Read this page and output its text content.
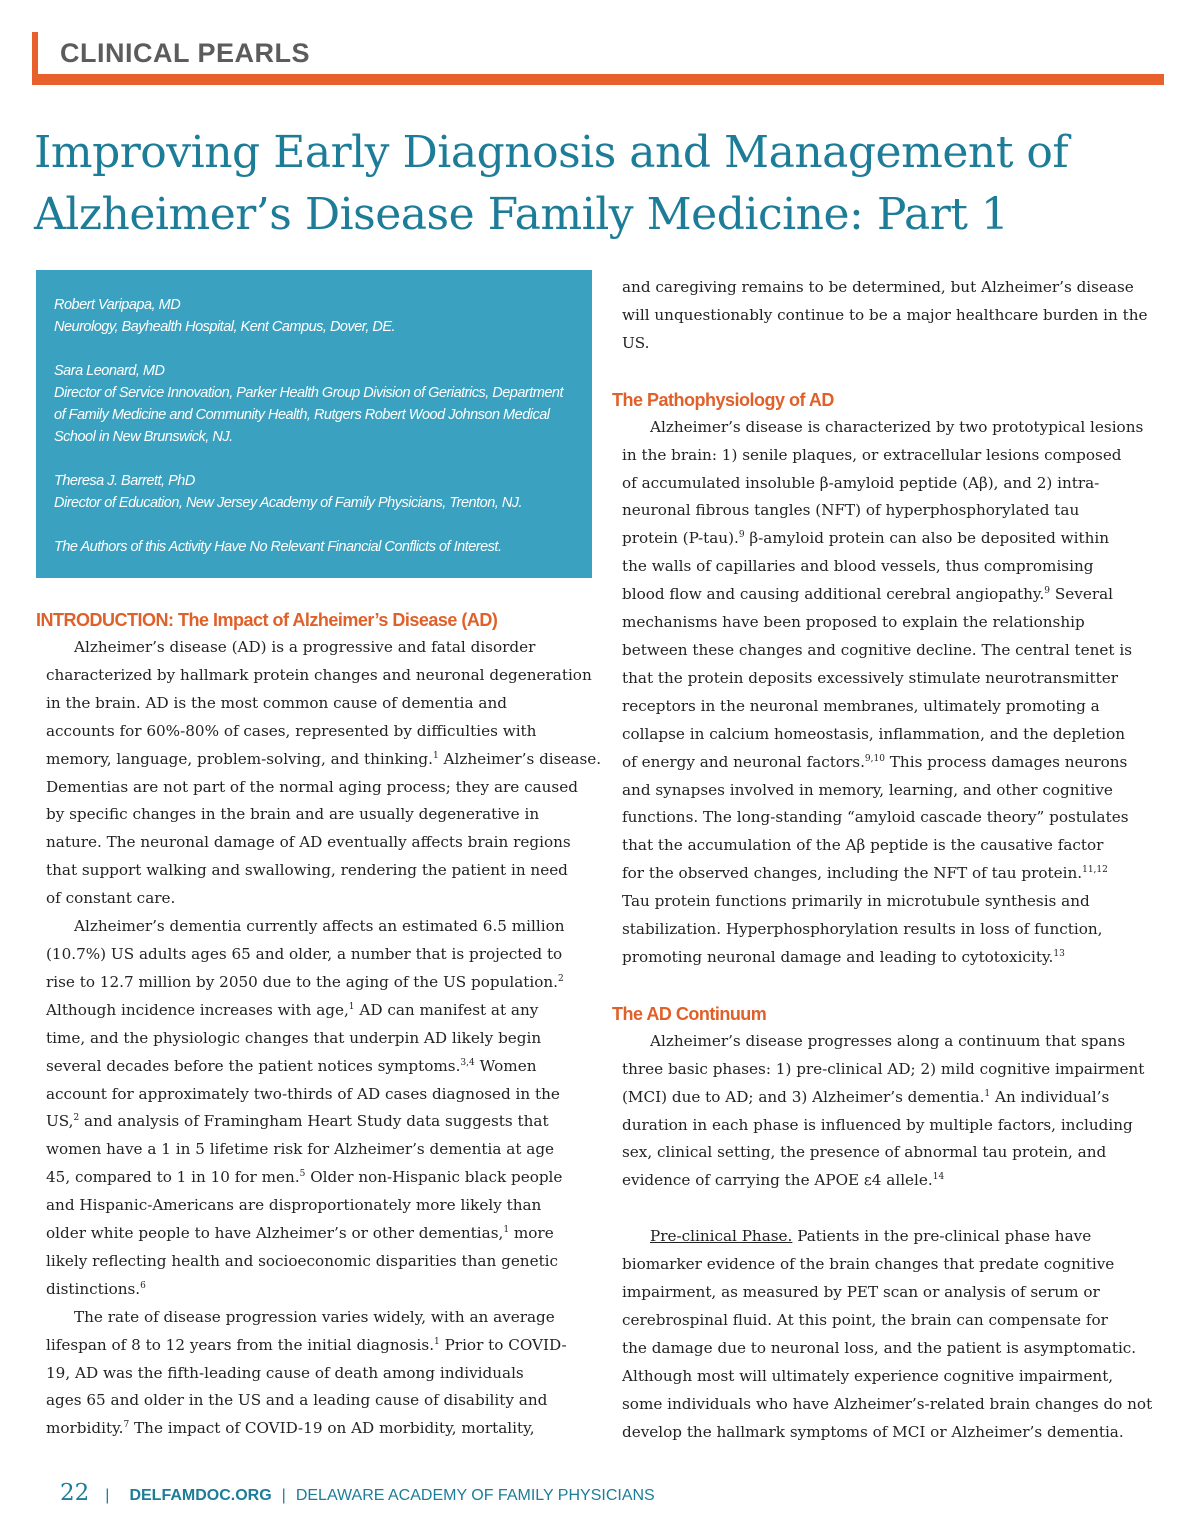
CLINICAL PEARLS
Improving Early Diagnosis and Management of
Alzheimer’s Disease Family Medicine: Part 1

Robert Varipapa, MD
Neurology, Bayhealth Hospital, Kent Campus, Dover, DE.

Sara Leonard, MD
Director of Service Innovation, Parker Health Group Division of Geriatrics, Department
of Family Medicine and Community Health, Rutgers Robert Wood Johnson Medical
School in New Brunswick, NJ.

Theresa J. Barrett, PhD
Director of Education, New Jersey Academy of Family Physicians, Trenton, NJ.

The Authors of this Activity Have No Relevant Financial Conflicts of Interest.

INTRODUCTION: The Impact of Alzheimer’s Disease (AD)
Alzheimer’s disease (AD) is a progressive and fatal disorder
characterized by hallmark protein changes and neuronal degeneration
in the brain. AD is the most common cause of dementia and
accounts for 60%-80% of cases, represented by difficulties with
memory, language, problem-solving, and thinking.$^1$ Alzheimer’s disease.
Dementias are not part of the normal aging process; they are caused
by specific changes in the brain and are usually degenerative in
nature. The neuronal damage of AD eventually affects brain regions
that support walking and swallowing, rendering the patient in need
of constant care.
Alzheimer’s dementia currently affects an estimated 6.5 million
(10.7%) US adults ages 65 and older, a number that is projected to
rise to 12.7 million by 2050 due to the aging of the US population.$^2$
Although incidence increases with age,$^1$ AD can manifest at any
time, and the physiologic changes that underpin AD likely begin
several decades before the patient notices symptoms.$^{3,4}$ Women
account for approximately two-thirds of AD cases diagnosed in the
US,$^2$ and analysis of Framingham Heart Study data suggests that
women have a 1 in 5 lifetime risk for Alzheimer’s dementia at age
45, compared to 1 in 10 for men.$^5$ Older non-Hispanic black people
and Hispanic-Americans are disproportionately more likely than
older white people to have Alzheimer’s or other dementias,$^1$ more
likely reflecting health and socioeconomic disparities than genetic
distinctions.$^6$
The rate of disease progression varies widely, with an average
lifespan of 8 to 12 years from the initial diagnosis.$^1$ Prior to COVID-
19, AD was the fifth-leading cause of death among individuals
ages 65 and older in the US and a leading cause of disability and
morbidity.$^7$ The impact of COVID-19 on AD morbidity, mortality,
and caregiving remains to be determined, but Alzheimer’s disease
will unquestionably continue to be a major healthcare burden in the
US.
The Pathophysiology of AD
Alzheimer’s disease is characterized by two prototypical lesions
in the brain: 1) senile plaques, or extracellular lesions composed
of accumulated insoluble β-amyloid peptide (Aβ), and 2) intra-
neuronal fibrous tangles (NFT) of hyperphosphorylated tau
protein (P-tau).$^9$ β-amyloid protein can also be deposited within
the walls of capillaries and blood vessels, thus compromising
blood flow and causing additional cerebral angiopathy.$^9$ Several
mechanisms have been proposed to explain the relationship
between these changes and cognitive decline. The central tenet is
that the protein deposits excessively stimulate neurotransmitter
receptors in the neuronal membranes, ultimately promoting a
collapse in calcium homeostasis, inflammation, and the depletion
of energy and neuronal factors.$^{9,10}$ This process damages neurons
and synapses involved in memory, learning, and other cognitive
functions. The long-standing “amyloid cascade theory” postulates
that the accumulation of the Aβ peptide is the causative factor
for the observed changes, including the NFT of tau protein.$^{11,12}$
Tau protein functions primarily in microtubule synthesis and
stabilization. Hyperphosphorylation results in loss of function,
promoting neuronal damage and leading to cytotoxicity.$^{13}$
The AD Continuum
Alzheimer’s disease progresses along a continuum that spans
three basic phases: 1) pre-clinical AD; 2) mild cognitive impairment
(MCI) due to AD; and 3) Alzheimer’s dementia.$^1$ An individual’s
duration in each phase is influenced by multiple factors, including
sex, clinical setting, the presence of abnormal tau protein, and
evidence of carrying the APOE ε4 allele.$^{14}$
Pre-clinical Phase. Patients in the pre-clinical phase have
biomarker evidence of the brain changes that predate cognitive
impairment, as measured by PET scan or analysis of serum or
cerebrospinal fluid. At this point, the brain can compensate for
the damage due to neuronal loss, and the patient is asymptomatic.
Although most will ultimately experience cognitive impairment,
some individuals who have Alzheimer’s-related brain changes do not
develop the hallmark symptoms of MCI or Alzheimer’s dementia.
22 | DELFAMDOC.ORG | DELAWARE ACADEMY OF FAMILY PHYSICIANS
